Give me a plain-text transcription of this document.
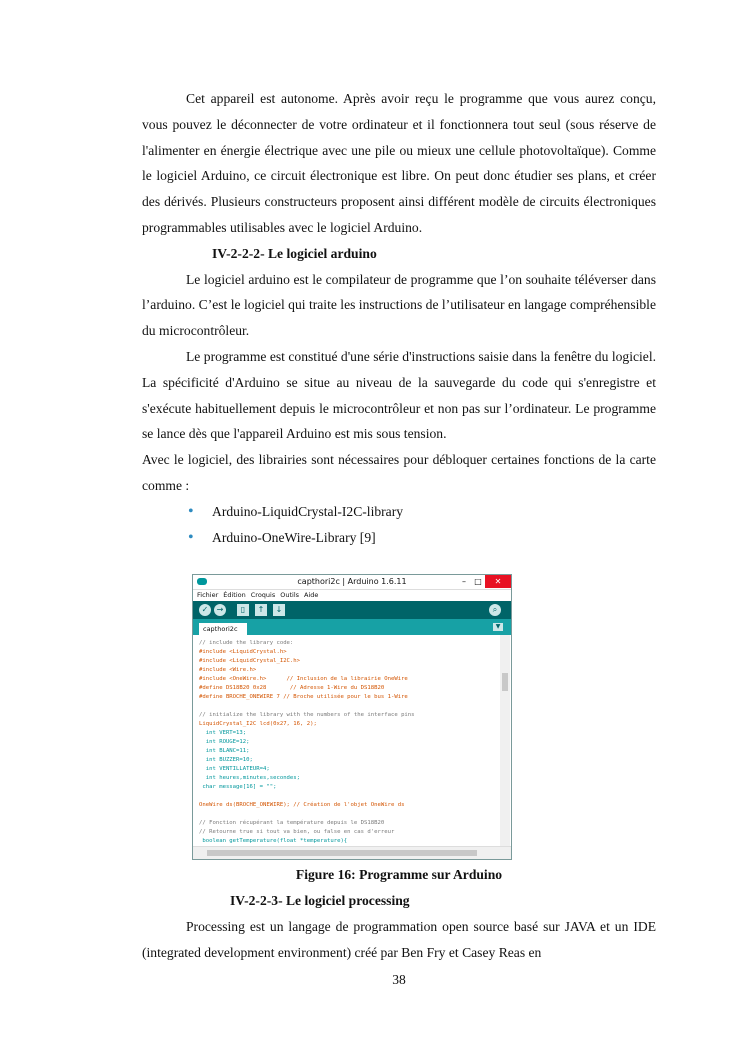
Cet appareil est autonome. Après avoir reçu le programme que vous aurez conçu, vous pouvez le déconnecter de votre ordinateur et il fonctionnera tout seul (sous réserve de l'alimenter en énergie électrique avec une pile ou mieux une cellule photovoltaïque). Comme le logiciel Arduino, ce circuit électronique est libre. On peut donc étudier ses plans, et créer des dérivés. Plusieurs constructeurs proposent ainsi différent modèle de circuits électroniques programmables utilisables avec le logiciel Arduino.

IV-2-2-2- Le logiciel arduino

Le logiciel arduino est le compilateur de programme que l’on souhaite téléverser dans l’arduino. C’est le logiciel qui traite les instructions de l’utilisateur en langage compréhensible du microcontrôleur.

Le programme est constitué d'une série d'instructions saisie dans la fenêtre du logiciel. La spécificité d'Arduino se situe au niveau de la sauvegarde du code qui s'enregistre et s'exécute habituellement depuis le microcontrôleur et non pas sur l’ordinateur. Le programme se lance dès que l'appareil Arduino est mis sous tension.

Avec le logiciel, des librairies sont nécessaires pour débloquer certaines fonctions de la carte comme :

• Arduino-LiquidCrystal-I2C-library

• Arduino-OneWire-Library [9]

capthori2c | Arduino 1.6.11	–	□	✕
Fichier Édition Croquis Outils Aide
✓	→	▯	↑	↓	⌕
capthori2c	▼
// include the library code:
#include <LiquidCrystal.h>
#include <LiquidCrystal_I2C.h>
#include <Wire.h>
#include <OneWire.h>      // Inclusion de la librairie OneWire
#define DS18B20 0x28       // Adresse 1-Wire du DS18B20
#define BROCHE_ONEWIRE 7 // Broche utilisée pour le bus 1-Wire

// initialize the library with the numbers of the interface pins
LiquidCrystal_I2C lcd(0x27, 16, 2);
int VERT=13;
int ROUGE=12;
int BLANC=11;
int BUZZER=10;
int VENTILLATEUR=4;
int heures,minutes,secondes;
char message[16] = "";

OneWire ds(BROCHE_ONEWIRE); // Création de l'objet OneWire ds

// Fonction récupérant la température depuis le DS18B20
// Retourne true si tout va bien, ou false en cas d'erreur
boolean getTemperature(float *temperature){
Figure 16: Programme sur Arduino

IV-2-2-3- Le logiciel processing

Processing est un langage de programmation open source basé sur JAVA et un IDE (integrated development environment) créé par Ben Fry et Casey Reas en

38
